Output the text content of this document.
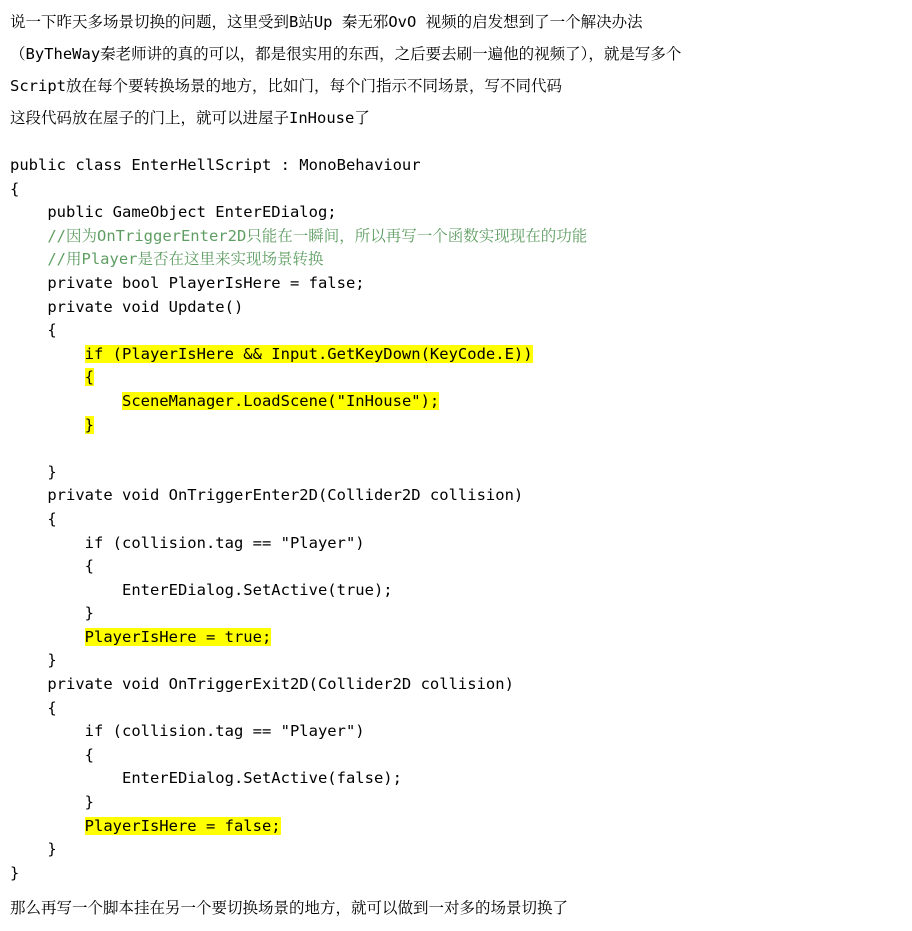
说一下昨天多场景切换的问题，这里受到B站Up 秦无邪OvO 视频的启发想到了一个解决办法

（ByTheWay秦老师讲的真的可以，都是很实用的东西，之后要去刷一遍他的视频了），就是写多个

Script放在每个要转换场景的地方，比如门，每个门指示不同场景，写不同代码

这段代码放在屋子的门上，就可以进屋子InHouse了

public class EnterHellScript : MonoBehaviour
{
public GameObject EnterEDialog;
//因为OnTriggerEnter2D只能在一瞬间，所以再写一个函数实现现在的功能
//用Player是否在这里来实现场景转换
private bool PlayerIsHere = false;
private void Update()
{
if (PlayerIsHere && Input.GetKeyDown(KeyCode.E))
{
SceneManager.LoadScene("InHouse");
}

}
private void OnTriggerEnter2D(Collider2D collision)
{
if (collision.tag == "Player")
{
EnterEDialog.SetActive(true);
}
PlayerIsHere = true;
}
private void OnTriggerExit2D(Collider2D collision)
{
if (collision.tag == "Player")
{
EnterEDialog.SetActive(false);
}
PlayerIsHere = false;
}
}

那么再写一个脚本挂在另一个要切换场景的地方，就可以做到一对多的场景切换了
